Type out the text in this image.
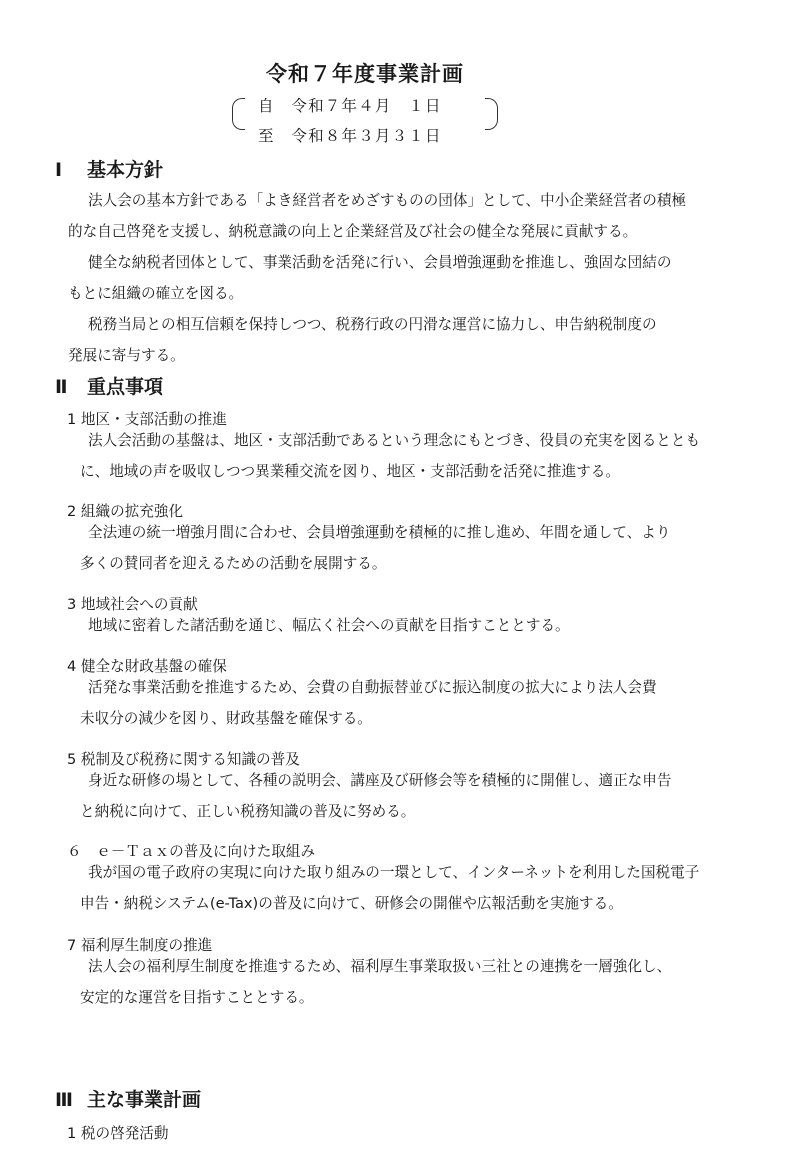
令和７年度事業計画
自　令和７年４月　１日
至　令和８年３月３１日
Ⅰ 基本方針
法人会の基本方針である「よき経営者をめざすものの団体」として、中小企業経営者の積極
的な自己啓発を支援し、納税意識の向上と企業経営及び社会の健全な発展に貢献する。
健全な納税者団体として、事業活動を活発に行い、会員増強運動を推進し、強固な団結の
もとに組織の確立を図る。
税務当局との相互信頼を保持しつつ、税務行政の円滑な運営に協力し、申告納税制度の
発展に寄与する。
Ⅱ 重点事項
1 地区・支部活動の推進
法人会活動の基盤は、地区・支部活動であるという理念にもとづき、役員の充実を図るととも
に、地域の声を吸収しつつ異業種交流を図り、地区・支部活動を活発に推進する。
2 組織の拡充強化
全法連の統一増強月間に合わせ、会員増強運動を積極的に推し進め、年間を通して、より
多くの賛同者を迎えるための活動を展開する。
3 地域社会への貢献
地域に密着した諸活動を通じ、幅広く社会への貢献を目指すこととする。
4 健全な財政基盤の確保
活発な事業活動を推進するため、会費の自動振替並びに振込制度の拡大により法人会費
未収分の減少を図り、財政基盤を確保する。
5 税制及び税務に関する知識の普及
身近な研修の場として、各種の説明会、講座及び研修会等を積極的に開催し、適正な申告
と納税に向けて、正しい税務知識の普及に努める。
６　ｅ－Ｔａｘの普及に向けた取組み
我が国の電子政府の実現に向けた取り組みの一環として、インターネットを利用した国税電子
申告・納税システム(e-Tax)の普及に向けて、研修会の開催や広報活動を実施する。
7 福利厚生制度の推進
法人会の福利厚生制度を推進するため、福利厚生事業取扱い三社との連携を一層強化し、
安定的な運営を目指すこととする。
Ⅲ 主な事業計画
1 税の啓発活動
